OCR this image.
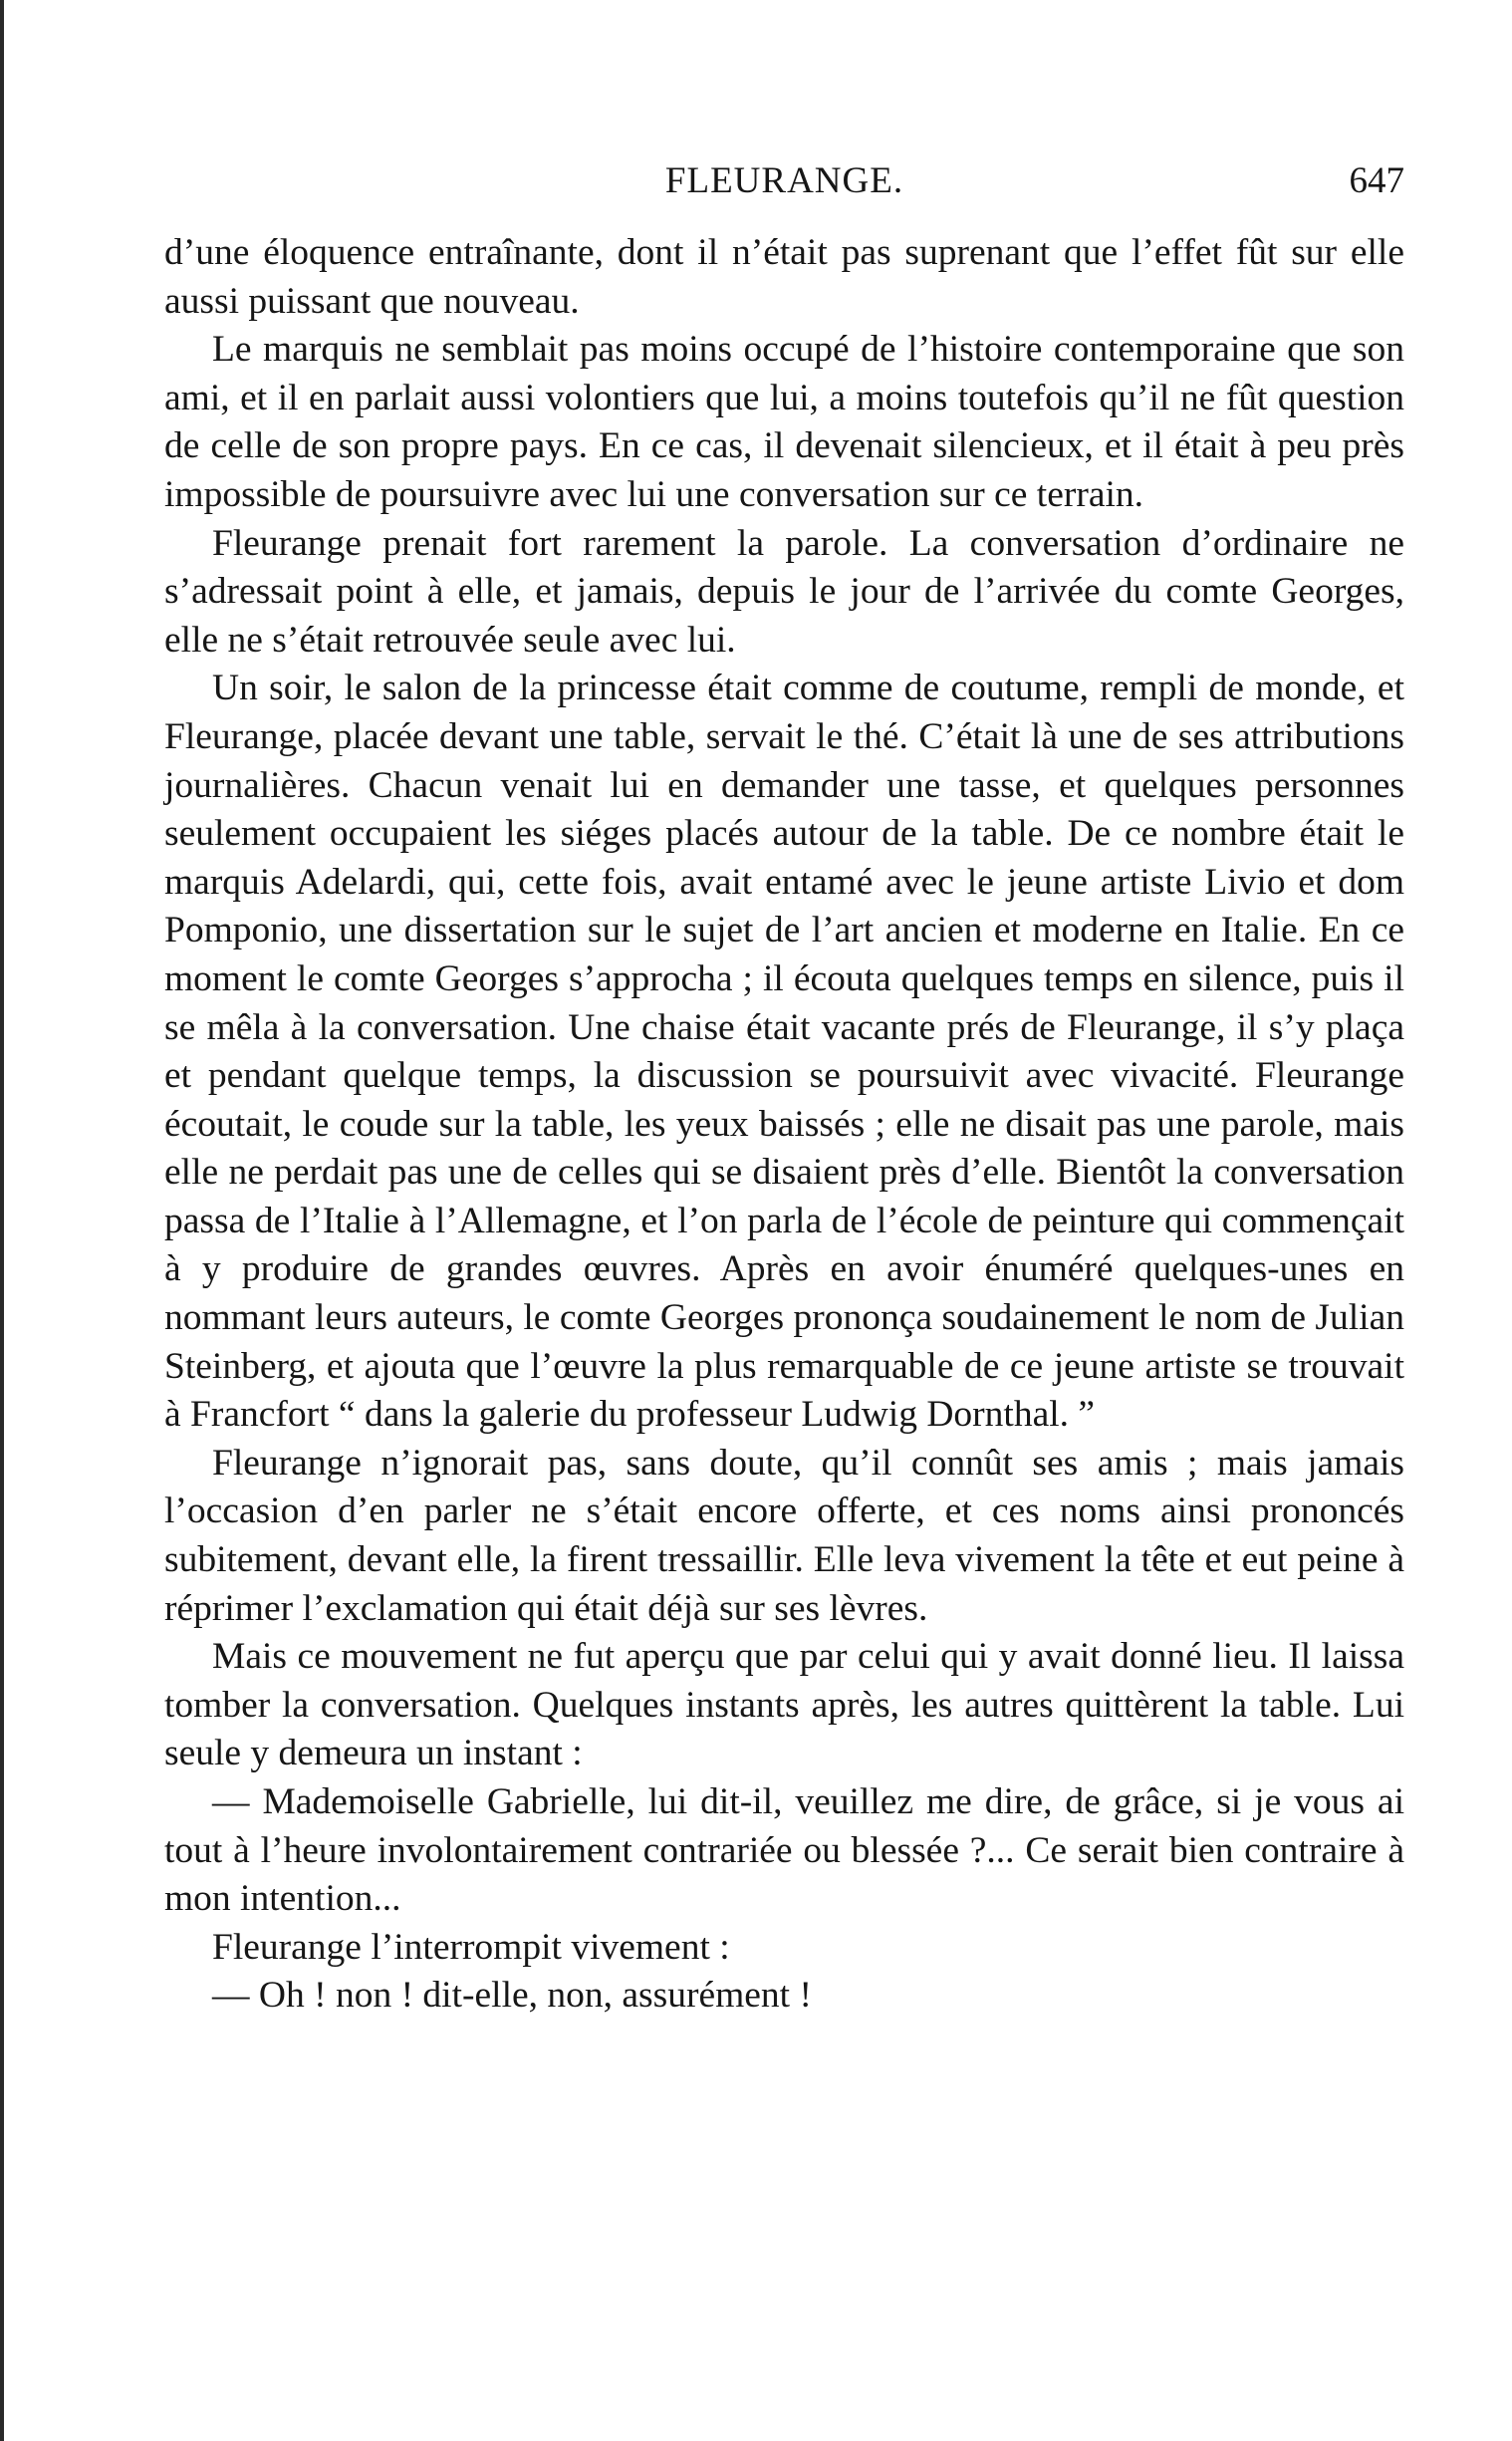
FLEURANGE.	647

d’une éloquence entraînante, dont il n’était pas suprenant que l’effet fût sur elle aussi puissant que nouveau.

Le marquis ne semblait pas moins occupé de l’histoire contemporaine que son ami, et il en parlait aussi volontiers que lui, a moins toutefois qu’il ne fût question de celle de son propre pays. En ce cas, il devenait silencieux, et il était à peu près impossible de poursuivre avec lui une conversation sur ce terrain.

Fleurange prenait fort rarement la parole. La conversation d’ordinaire ne s’adressait point à elle, et jamais, depuis le jour de l’arrivée du comte Georges, elle ne s’était retrouvée seule avec lui.

Un soir, le salon de la princesse était comme de coutume, rempli de monde, et Fleurange, placée devant une table, servait le thé. C’était là une de ses attributions journalières. Chacun venait lui en demander une tasse, et quelques personnes seulement occupaient les siéges placés autour de la table. De ce nombre était le marquis Adelardi, qui, cette fois, avait entamé avec le jeune artiste Livio et dom Pomponio, une dissertation sur le sujet de l’art ancien et moderne en Italie. En ce moment le comte Georges s’approcha ; il écouta quelques temps en silence, puis il se mêla à la conversation. Une chaise était vacante prés de Fleurange, il s’y plaça et pendant quelque temps, la discussion se poursuivit avec vivacité. Fleurange écoutait, le coude sur la table, les yeux baissés ; elle ne disait pas une parole, mais elle ne perdait pas une de celles qui se disaient près d’elle. Bientôt la conversation passa de l’Italie à l’Allemagne, et l’on parla de l’école de peinture qui commençait à y produire de grandes œuvres. Après en avoir énuméré quelques-unes en nommant leurs auteurs, le comte Georges prononça soudainement le nom de Julian Steinberg, et ajouta que l’œuvre la plus remarquable de ce jeune artiste se trouvait à Francfort “ dans la galerie du professeur Ludwig Dornthal. ”

Fleurange n’ignorait pas, sans doute, qu’il connût ses amis ; mais jamais l’occasion d’en parler ne s’était encore offerte, et ces noms ainsi prononcés subitement, devant elle, la firent tressaillir. Elle leva vivement la tête et eut peine à réprimer l’exclamation qui était déjà sur ses lèvres.

Mais ce mouvement ne fut aperçu que par celui qui y avait donné lieu. Il laissa tomber la conversation. Quelques instants après, les autres quittèrent la table. Lui seule y demeura un instant :

— Mademoiselle Gabrielle, lui dit-il, veuillez me dire, de grâce, si je vous ai tout à l’heure involontairement contrariée ou blessée ?... Ce serait bien contraire à mon intention...

Fleurange l’interrompit vivement :

— Oh ! non ! dit-elle, non, assurément !
